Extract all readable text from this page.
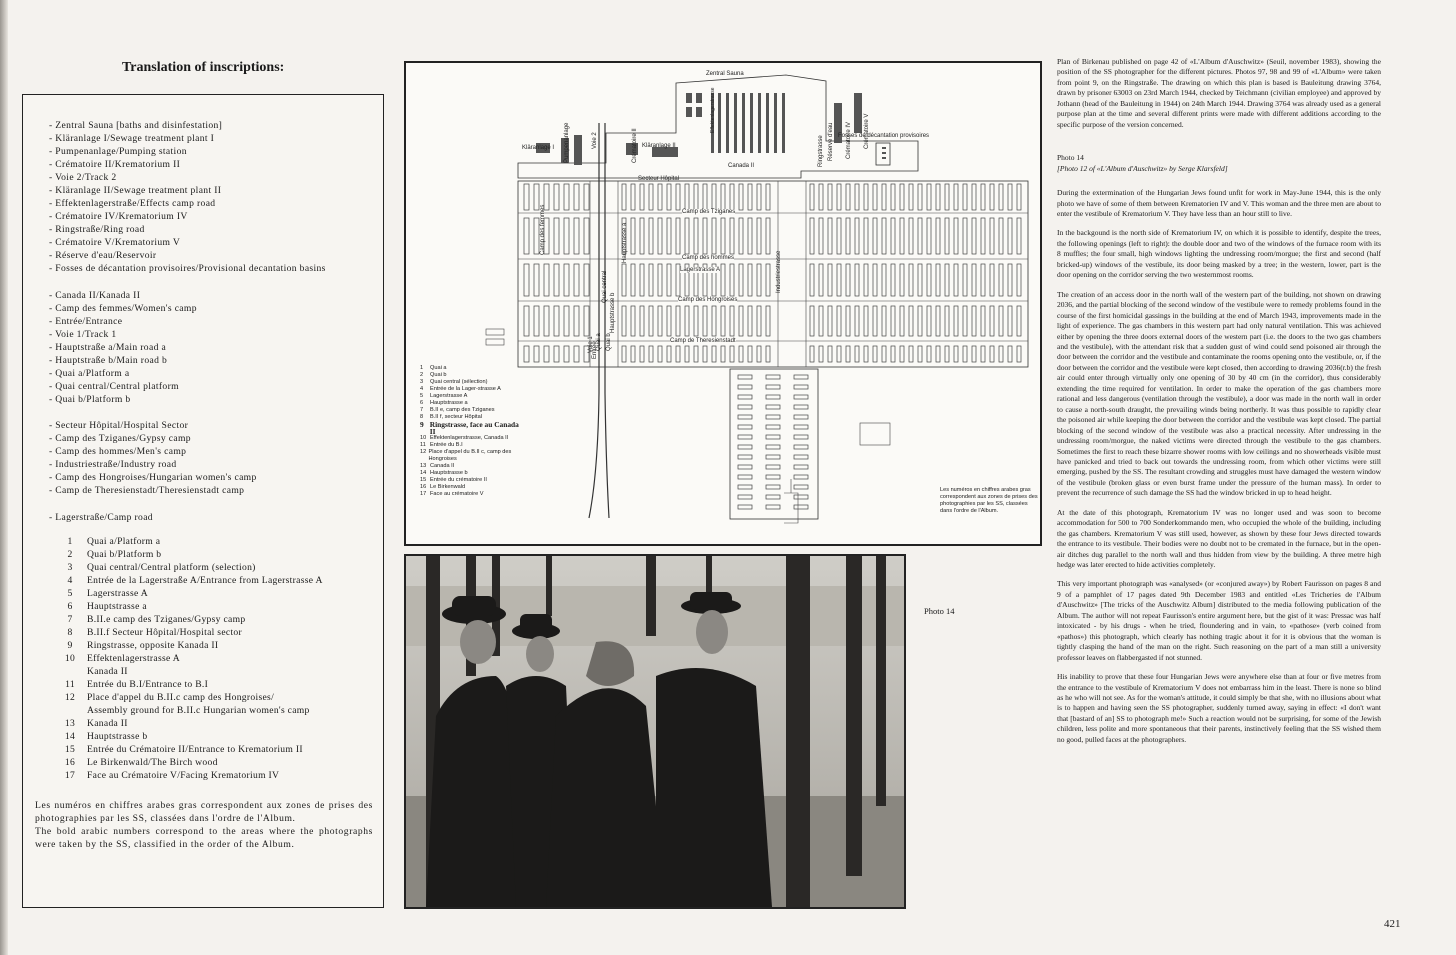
Translation of inscriptions:
- Zentral Sauna [baths and disinfestation]
- Kläranlage I/Sewage treatment plant I
- Pumpenanlage/Pumping station
- Crématoire II/Krematorium II
- Voie 2/Track 2
- Kläranlage II/Sewage treatment plant II
- Effektenlagerstraße/Effects camp road
- Crématoire IV/Krematorium IV
- Ringstraße/Ring road
- Crématoire V/Krematorium V
- Réserve d'eau/Reservoir
- Fosses de décantation provisoires/Provisional decantation basins
- Canada II/Kanada II
- Camp des femmes/Women's camp
- Entrée/Entrance
- Voie 1/Track 1
- Hauptstraße a/Main road a
- Hauptstraße b/Main road b
- Quai a/Platform a
- Quai central/Central platform
- Quai b/Platform b
- Secteur Hôpital/Hospital Sector
- Camp des Tziganes/Gypsy camp
- Camp des hommes/Men's camp
- Industriestraße/Industry road
- Camp des Hongroises/Hungarian women's camp
- Camp de Theresienstadt/Theresienstadt camp
- Lagerstraße/Camp road
1	Quai a/Platform a
2	Quai b/Platform b
3	Quai central/Central platform (selection)
4	Entrée de la Lagerstraße A/Entrance from Lagerstrasse A
5	Lagerstrasse A
6	Hauptstrasse a
7	B.II.e camp des Tziganes/Gypsy camp
8	B.II.f Secteur Hôpital/Hospital sector
9	Ringstrasse, opposite Kanada II
10	Effektenlagerstrasse A
Kanada II
11	Entrée du B.I/Entrance to B.I
12	Place d'appel du B.II.c camp des Hongroises/
Assembly ground for B.II.c Hungarian women's camp
13	Kanada II
14	Hauptstrasse b
15	Entrée du Crématoire II/Entrance to Krematorium II
16	Le Birkenwald/The Birch wood
17	Face au Crématoire V/Facing Krematorium IV
Les numéros en chiffres arabes gras correspondent aux zones de prises des photographies par les SS, classées dans l'ordre de l'Album.
The bold arabic numbers correspond to the areas where the photographs were taken by the SS, classified in the order of the Album.
Zentral Sauna
Kläranlage I	Kläranlage II
Pumpenanlage	Crématoire II
Voie 2
Canada II	Ringstrasse	Crématoire IV Crématoire V
Réserve d'eau Fosses de décantation provisoires
Effektenlagerstrasse
Secteur Hôpital
Camp des femmes	Camp des Tziganes
Camp des hommes
Lagerstrasse A	Industriestrasse
Camp des Hongroises
Camp de Theresienstadt
Hauptstrasse a
Hauptstrasse b
Quai a Quai b
Quai central
Voie 1
Entrée
1	Quai a
2	Quai b
3	Quai central (sélection)
4	Entrée de la Lager-strasse A
5	Lagerstrasse A
6	Hauptstrasse a
7	B.II e, camp des Tziganes
8	B.II f, secteur Hôpital
9 Ringstrasse, face au Canada II
10 Effektenlagerstrasse, Canada II
11 Entrée du B.I
12 Place d'appel du B.II c, camp des Hongroises
13 Canada II
14 Hauptstrasse b
15 Entrée du crématoire II
16 Le Birkenwald
17 Face au crématoire V
Les numéros en chiffres arabes gras correspondent aux zones de prises des photographies par les SS, classées dans l'ordre de l'Album.
Photo 14

Plan of Birkenau published on page 42 of «L'Album d'Auschwitz» (Seuil, november 1983), showing the position of the SS photographer for the different pictures. Photos 97, 98 and 99 of «L'Album» were taken from point 9, on the Ringstraße. The drawing on which this plan is based is Bauleitung drawing 3764, drawn by prisoner 63003 on 23rd March 1944, checked by Teichmann (civilian employee) and approved by Jothann (head of the Bauleitung in 1944) on 24th March 1944. Drawing 3764 was already used as a general purpose plan at the time and several different prints were made with different additions according to the specific purpose of the version concerned.

Photo 14
[Photo 12 of «L'Album d'Auschwitz» by Serge Klarsfeld]

During the extermination of the Hungarian Jews found unfit for work in May-June 1944, this is the only photo we have of some of them between Krematorien IV and V. This woman and the three men are about to enter the vestibule of Krematorium V. They have less than an hour still to live.

In the backgound is the north side of Krematorium IV, on which it is possible to identify, despite the trees, the following openings (left to right): the double door and two of the windows of the furnace room with its 8 muffles; the four small, high windows lighting the undressing room/morgue; the first and second (half bricked-up) windows of the vestibule, its door being masked by a tree; in the western, lower, part is the door opening on the corridor serving the two westernmost rooms.

The creation of an access door in the north wall of the western part of the building, not shown on drawing 2036, and the partial blocking of the second window of the vestibule were to remedy problems found in the course of the first homicidal gassings in the building at the end of March 1943, improvements made in the light of experience. The gas chambers in this western part had only natural ventilation. This was achieved either by opening the three doors external doors of the western part (i.e. the doors to the two gas chambers and the vestibule), with the attendant risk that a sudden gust of wind could send poisoned air through the door between the corridor and the vestibule and contaminate the rooms opening onto the vestibule, or, if the door between the corridor and the vestibule were kept closed, then according to drawing 2036(r.b) the fresh air could enter through virtually only one opening of 30 by 40 cm (in the corridor), thus considerably extending the time required for ventilation. In order to make the operation of the gas chambers more rational and less dangerous (ventilation through the vestibule), a door was made in the north wall in order to cause a north-south draught, the prevailing winds being northerly. It was thus possible to rapidly clear the poisoned air while keeping the door between the corridor and the vestibule was kept closed. The partial blocking of the second window of the vestibule was also a practical necessity. After undressing in the undressing room/morgue, the naked victims were directed through the vestibule to the gas chambers. Sometimes the first to reach these bizarre shower rooms with low ceilings and no showerheads visible must have panicked and tried to back out towards the undressing room, from which other victims were still emerging, pushed by the SS. The resultant crowding and struggles must have damaged the western window of the vestibule (broken glass or even burst frame under the pressure of the human mass). In order to prevent the recurrence of such damage the SS had the window bricked in up to head height.

At the date of this photograph, Krematorium IV was no longer used and was soon to become accommodation for 500 to 700 Sonderkommando men, who occupied the whole of the building, including the gas chambers. Krematorium V was still used, however, as shown by these four Jews directed towards the entrance to its vestibule. Their bodies were no doubt not to be cremated in the furnace, but in the open-air ditches dug parallel to the north wall and thus hidden from view by the building. A three metre high hedge was later erected to hide activities completely.

This very important photograph was «analysed» (or «conjured away») by Robert Faurisson on pages 8 and 9 of a pamphlet of 17 pages dated 9th December 1983 and entitled «Les Tricheries de l'Album d'Auschwitz» [The tricks of the Auschwitz Album] distributed to the media following publication of the Album. The author will not repeat Faurisson's entire argument here, but the gist of it was: Pressac was half intoxicated - by his drugs - when he tried, floundering and in vain, to «pathose» (verb coined from «pathos») this photograph, which clearly has nothing tragic about it for it is obvious that the woman is tightly clasping the hand of the man on the right. Such reasoning on the part of a man still a university professor leaves on flabbergasted if not stunned.

His inability to prove that these four Hungarian Jews were anywhere else than at four or five metres from the entrance to the vestibule of Krematorium V does not embarrass him in the least. There is none so blind as he who will not see. As for the woman's attitude, it could simply be that she, with no illusions about what is to happen and having seen the SS photographer, suddenly turned away, saying in effect: «I don't want that [bastard of an] SS to photograph me!» Such a reaction would not be surprising, for some of the Jewish children, less polite and more spontaneous that their parents, instinctively feeling that the SS wished them no good, pulled faces at the photographers.

421
